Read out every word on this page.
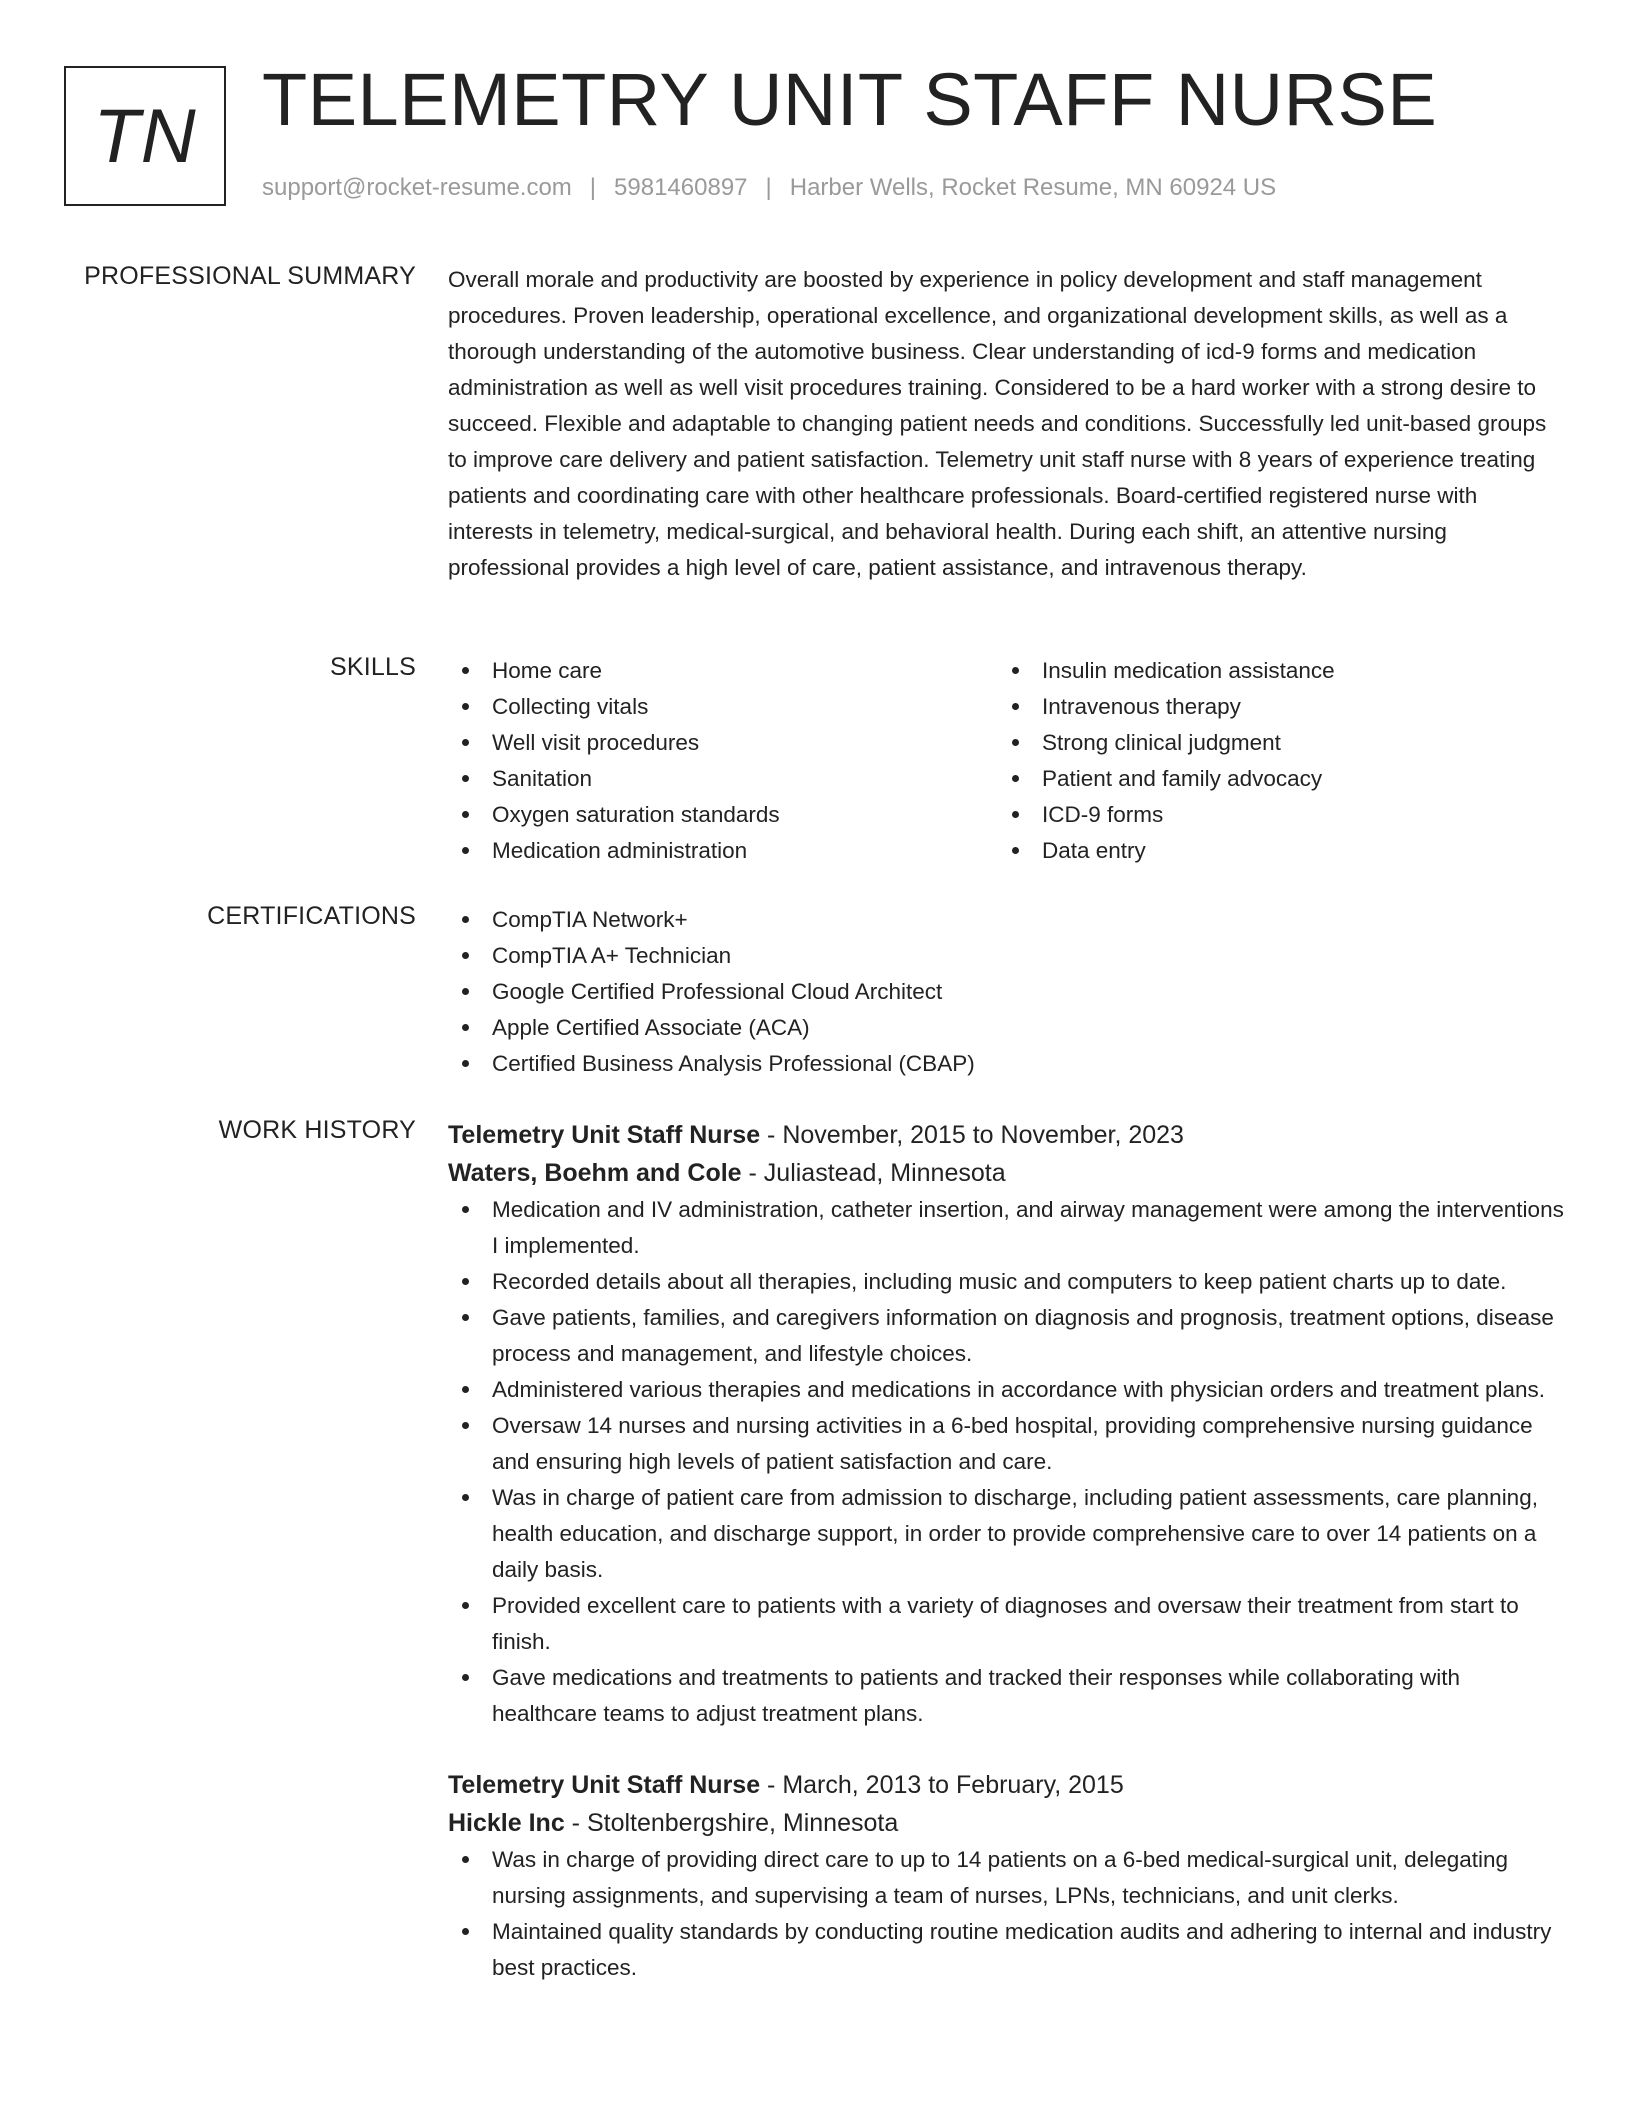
TN TELEMETRY UNIT STAFF NURSE
support@rocket-resume.com | 5981460897 | Harber Wells, Rocket Resume, MN 60924 US
PROFESSIONAL SUMMARY Overall morale and productivity are boosted by experience in policy development and staff management procedures. Proven leadership, operational excellence, and organizational development skills, as well as a thorough understanding of the automotive business. Clear understanding of icd-9 forms and medication administration as well as well visit procedures training. Considered to be a hard worker with a strong desire to succeed. Flexible and adaptable to changing patient needs and conditions. Successfully led unit-based groups to improve care delivery and patient satisfaction. Telemetry unit staff nurse with 8 years of experience treating patients and coordinating care with other healthcare professionals. Board-certified registered nurse with interests in telemetry, medical-surgical, and behavioral health. During each shift, an attentive nursing professional provides a high level of care, patient assistance, and intravenous therapy.

SKILLS	Home care
Collecting vitals
Well visit procedures
Sanitation
Oxygen saturation standards
Medication administration
Insulin medication assistance
Intravenous therapy
Strong clinical judgment
Patient and family advocacy
ICD-9 forms
Data entry
CERTIFICATIONS	CompTIA Network+
CompTIA A+ Technician
Google Certified Professional Cloud Architect
Apple Certified Associate (ACA)
Certified Business Analysis Professional (CBAP)
WORK HISTORY Telemetry Unit Staff Nurse - November, 2015 to November, 2023

Waters, Boehm and Cole - Juliastead, Minnesota

Medication and IV administration, catheter insertion, and airway management were among the interventions I implemented.
Recorded details about all therapies, including music and computers to keep patient charts up to date.
Gave patients, families, and caregivers information on diagnosis and prognosis, treatment options, disease process and management, and lifestyle choices.
Administered various therapies and medications in accordance with physician orders and treatment plans.
Oversaw 14 nurses and nursing activities in a 6-bed hospital, providing comprehensive nursing guidance and ensuring high levels of patient satisfaction and care.
Was in charge of patient care from admission to discharge, including patient assessments, care planning, health education, and discharge support, in order to provide comprehensive care to over 14 patients on a daily basis.
Provided excellent care to patients with a variety of diagnoses and oversaw their treatment from start to finish.
Gave medications and treatments to patients and tracked their responses while collaborating with healthcare teams to adjust treatment plans.

Telemetry Unit Staff Nurse - March, 2013 to February, 2015

Hickle Inc - Stoltenbergshire, Minnesota

Was in charge of providing direct care to up to 14 patients on a 6-bed medical-surgical unit, delegating nursing assignments, and supervising a team of nurses, LPNs, technicians, and unit clerks.
Maintained quality standards by conducting routine medication audits and adhering to internal and industry best practices.
